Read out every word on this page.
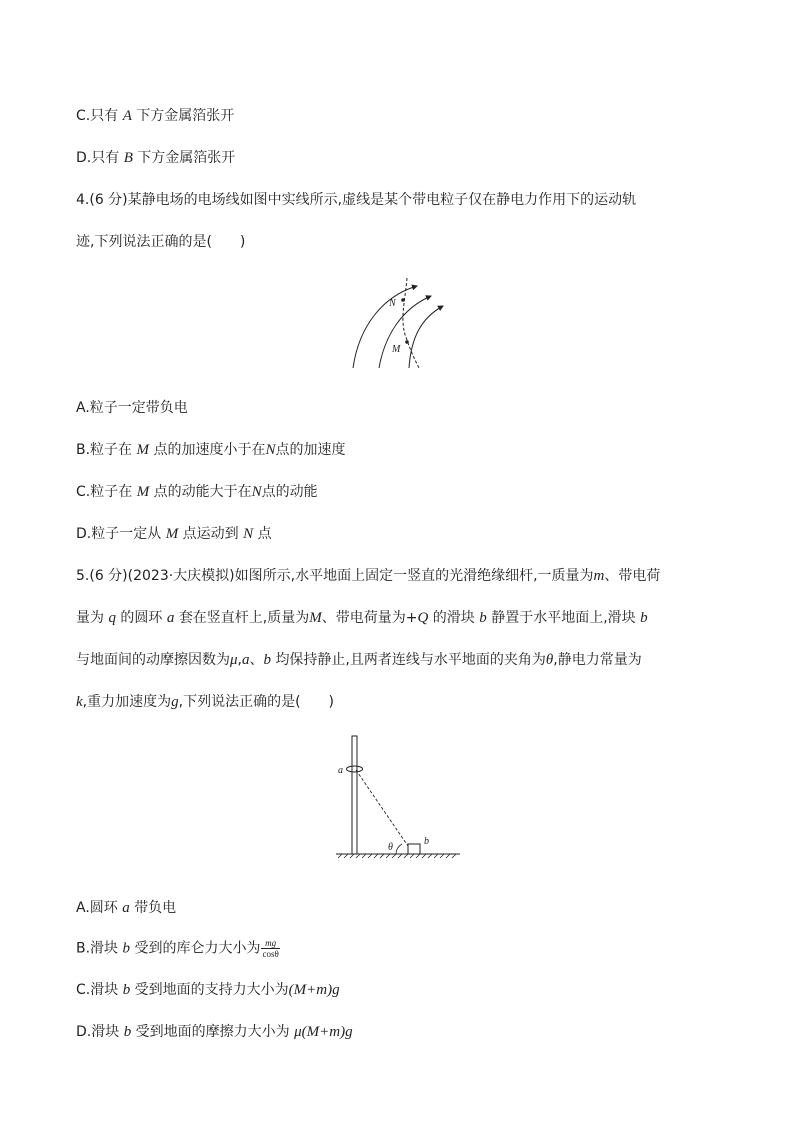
C.只有 A 下方金属箔张开
D.只有 B 下方金属箔张开
4.(6 分)某静电场的电场线如图中实线所示,虚线是某个带电粒子仅在静电力作用下的运动轨
迹,下列说法正确的是(　　)
N
M
A.粒子一定带负电
B.粒子在 M 点的加速度小于在N点的加速度
C.粒子在 M 点的动能大于在N点的动能
D.粒子一定从 M 点运动到 N 点
5.(6 分)(2023·大庆模拟)如图所示,水平地面上固定一竖直的光滑绝缘细杆,一质量为m、带电荷
量为 q 的圆环 a 套在竖直杆上,质量为M、带电荷量为+Q 的滑块 b 静置于水平地面上,滑块 b
与地面间的动摩擦因数为μ,a、b 均保持静止,且两者连线与水平地面的夹角为θ,静电力常量为
k,重力加速度为g,下列说法正确的是(　　)
a
b
θ
A.圆环 a 带负电
B.滑块 b 受到的库仑力大小为 $\frac{mg}{\cos\theta}$
C.滑块 b 受到地面的支持力大小为(M+m)g
D.滑块 b 受到地面的摩擦力大小为 μ(M+m)g
